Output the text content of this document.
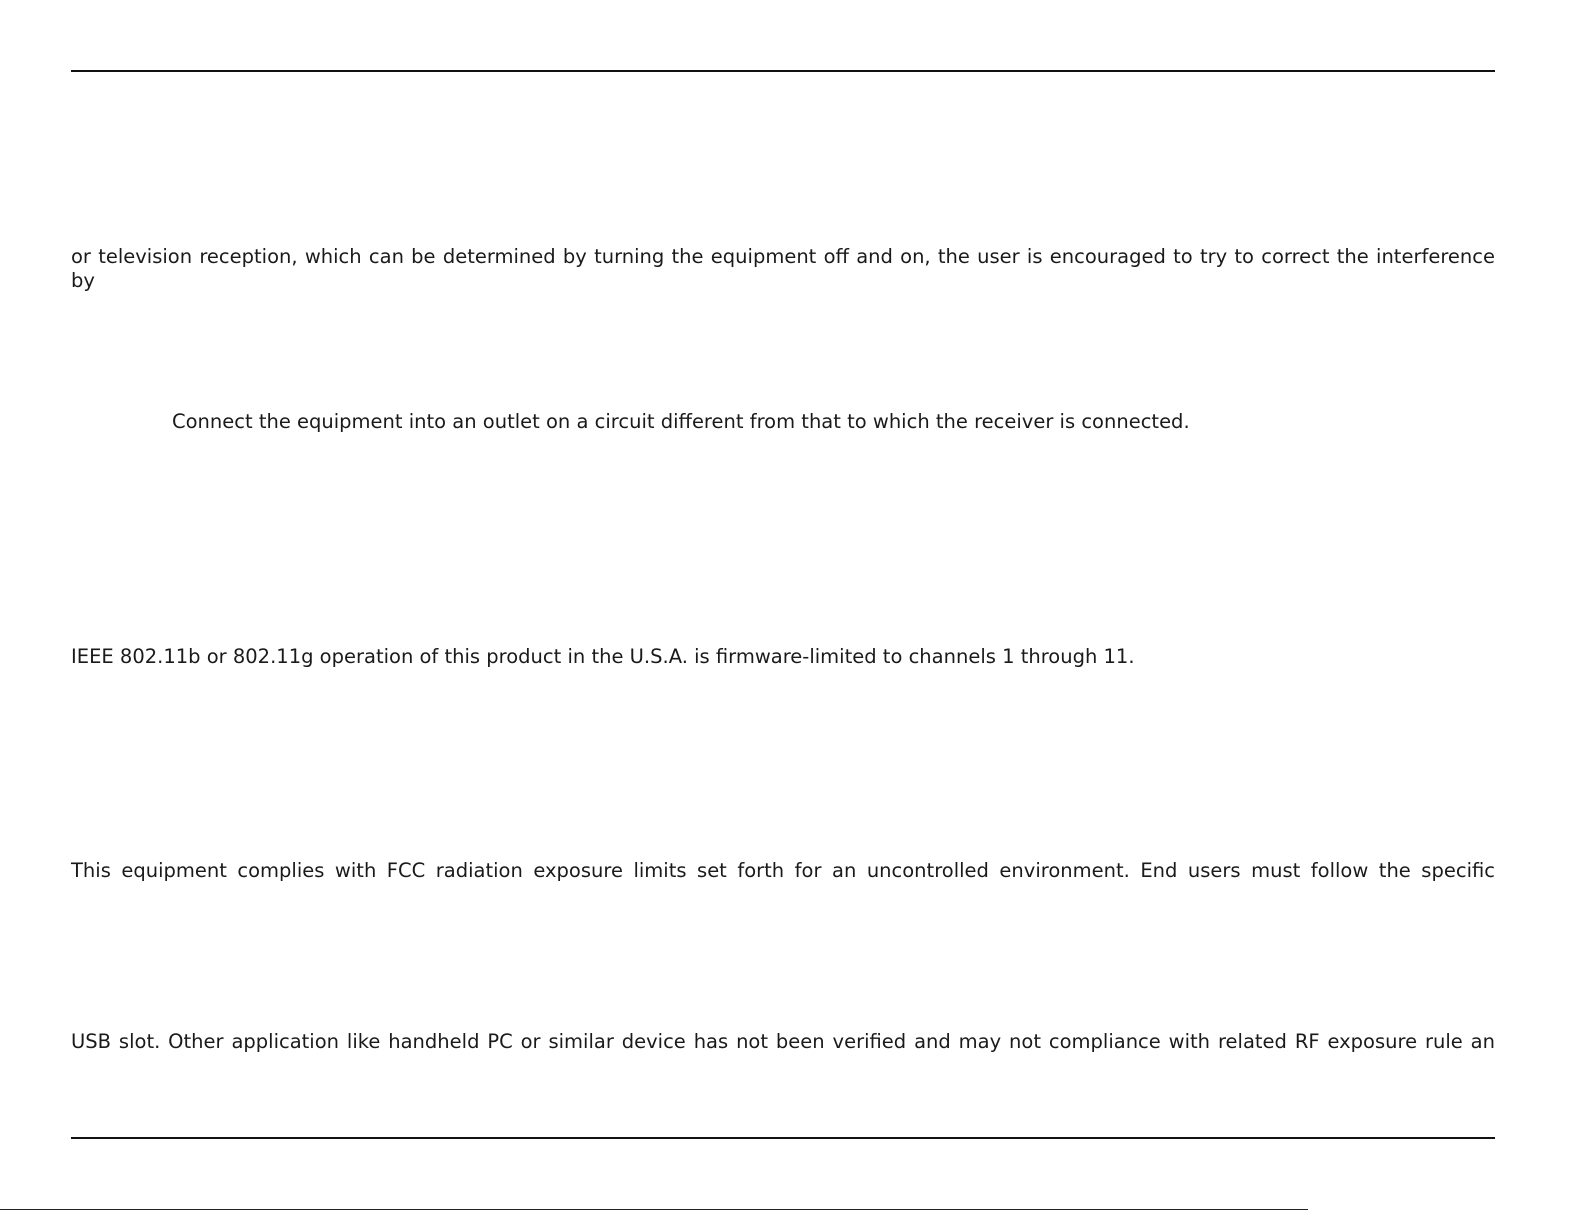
or television reception, which can be determined by turning the equipment off and on, the user is encouraged to try to correct the interference by

Connect the equipment into an outlet on a circuit different from that to which the receiver is connected.

IEEE 802.11b or 802.11g operation of this product in the U.S.A. is firmware-limited to channels 1 through 11.

This equipment complies with FCC radiation exposure limits set forth for an uncontrolled environment. End users must follow the specific

USB slot. Other application like handheld PC or similar device has not been verified and may not compliance with related RF exposure rule an
